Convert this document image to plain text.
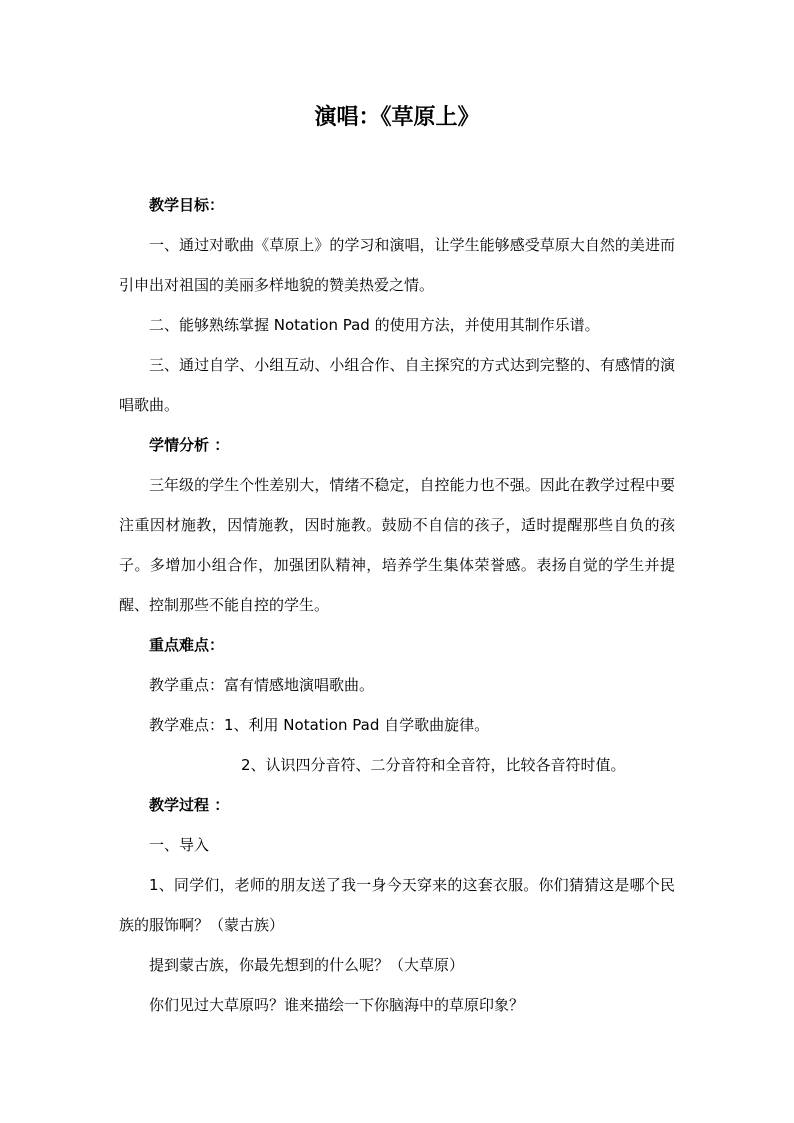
演唱：《草原上》

教学目标：

一、通过对歌曲《草原上》的学习和演唱，让学生能够感受草原大自然的美进而引申出对祖国的美丽多样地貌的赞美热爱之情。

二、能够熟练掌握 Notation Pad 的使用方法，并使用其制作乐谱。

三、通过自学、小组互动、小组合作、自主探究的方式达到完整的、有感情的演唱歌曲。

学情分析 ：

三年级的学生个性差别大，情绪不稳定，自控能力也不强。因此在教学过程中要注重因材施教，因情施教，因时施教。鼓励不自信的孩子，适时提醒那些自负的孩子。多增加小组合作，加强团队精神，培养学生集体荣誉感。表扬自觉的学生并提醒、控制那些不能自控的学生。

重点难点：

教学重点：富有情感地演唱歌曲。

教学难点：1、利用 Notation Pad 自学歌曲旋律。

2、认识四分音符、二分音符和全音符，比较各音符时值。

教学过程 ：

一、导入

1、同学们，老师的朋友送了我一身今天穿来的这套衣服。你们猜猜这是哪个民族的服饰啊？（蒙古族）

提到蒙古族，你最先想到的什么呢？（大草原）

你们见过大草原吗？谁来描绘一下你脑海中的草原印象？
